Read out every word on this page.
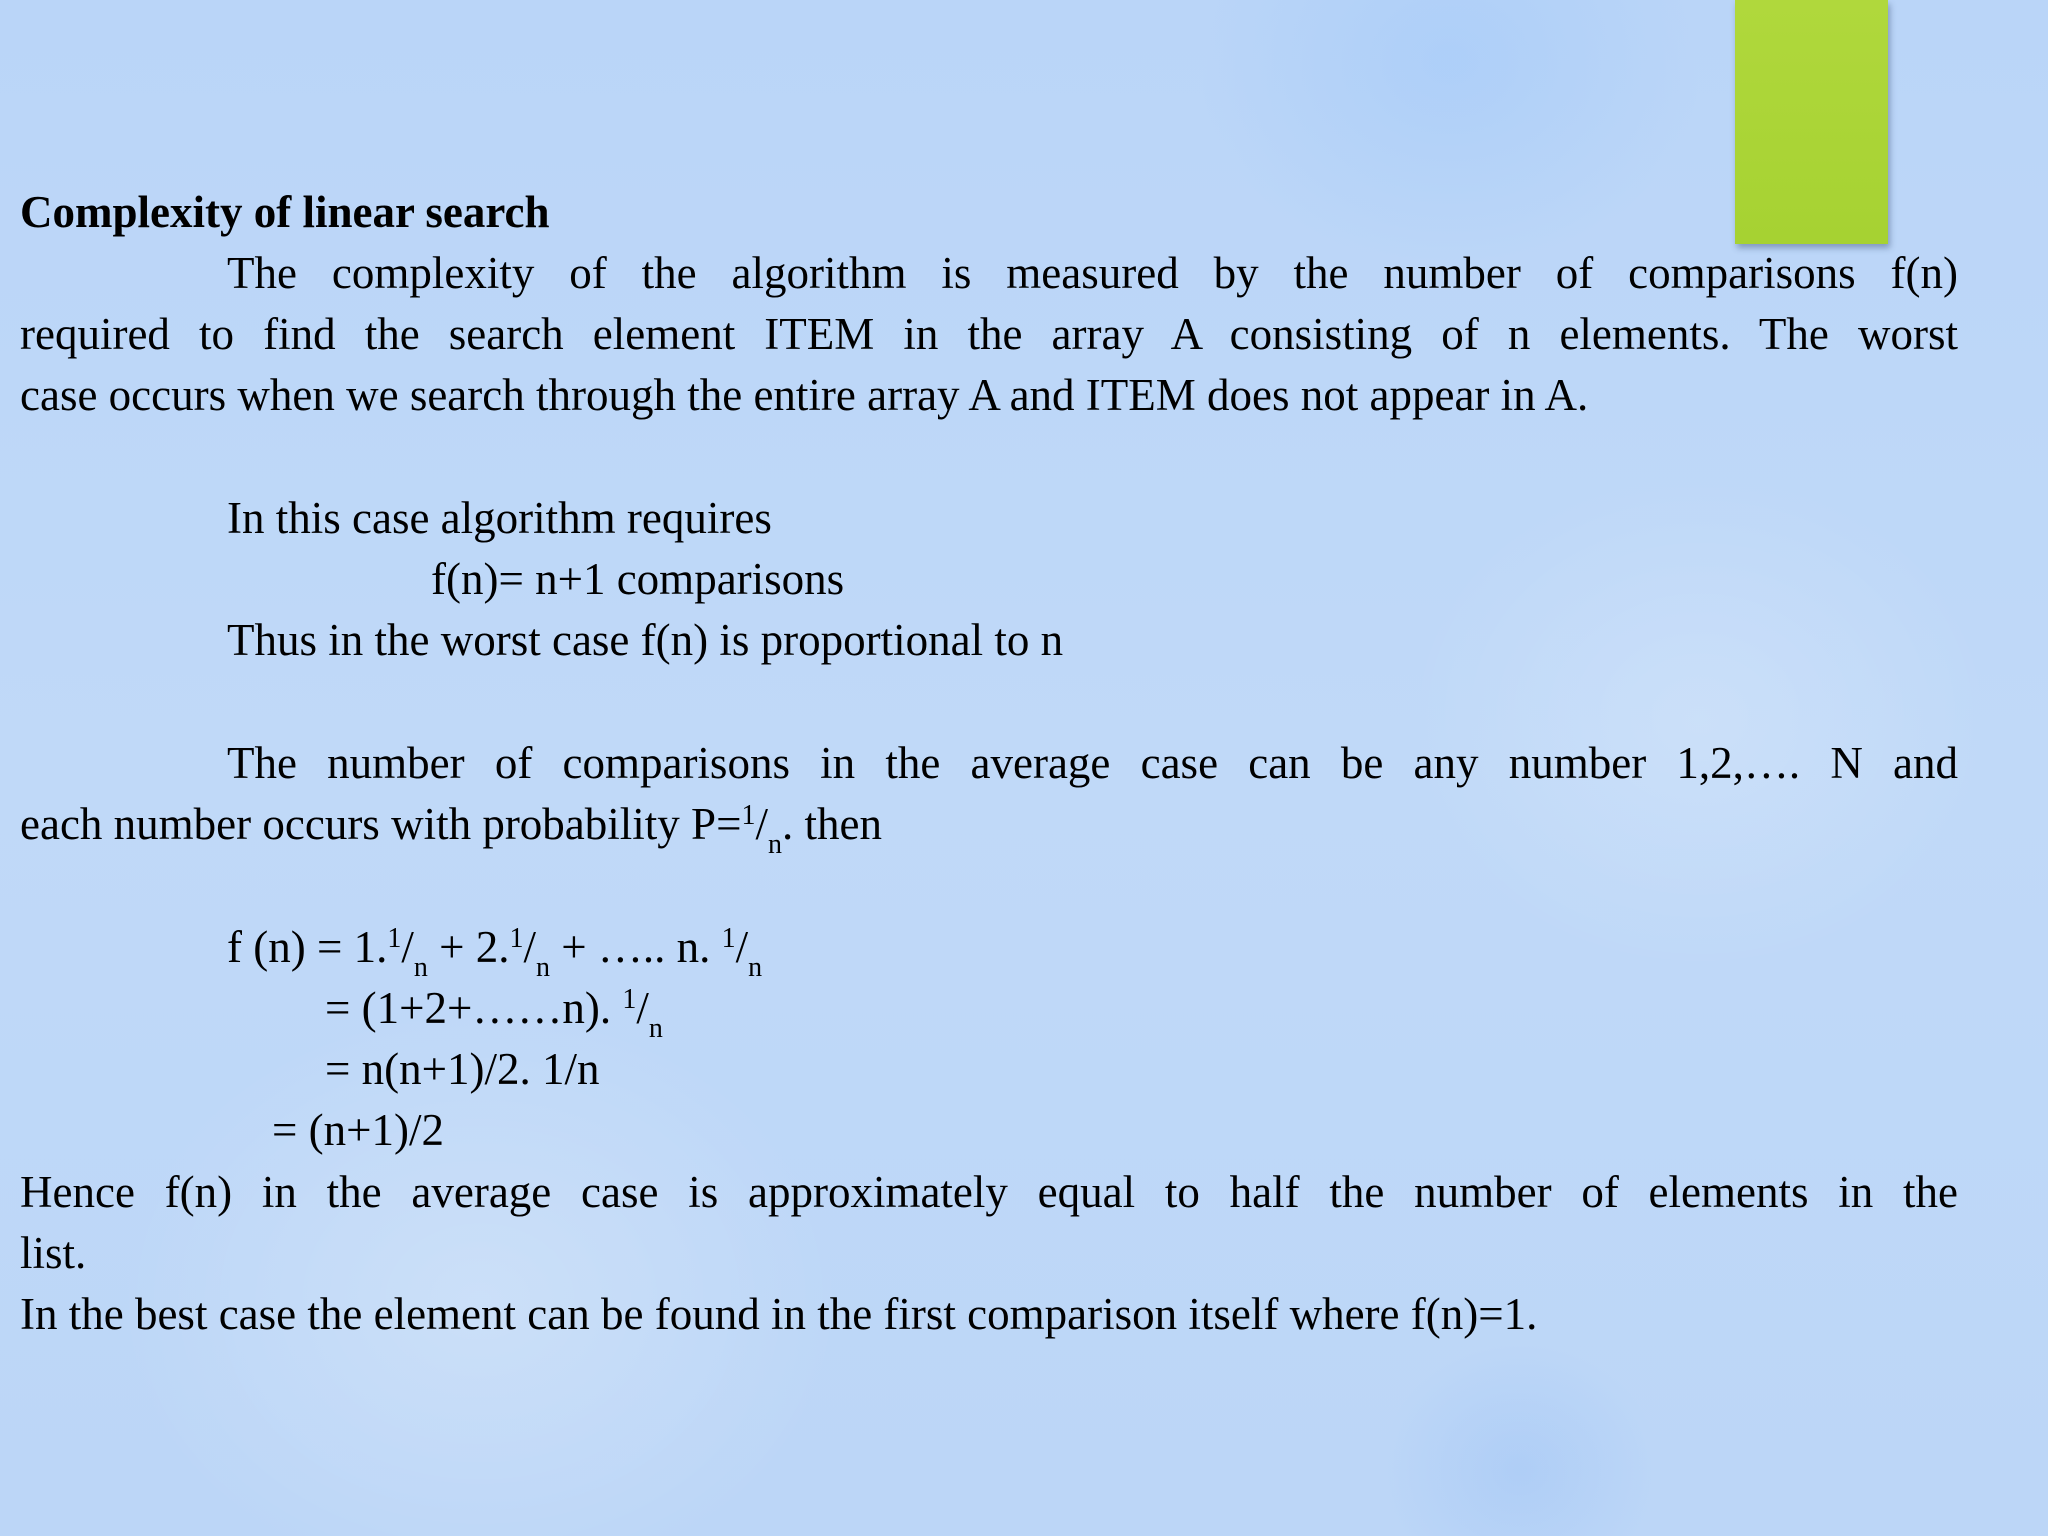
Complexity of linear search
The complexity of the algorithm is measured by the number of comparisons f(n)
required to find the search element ITEM in the array A consisting of n elements. The worst
case occurs when we search through the entire array A and ITEM does not appear in A.
In this case algorithm requires
f(n)= n+1 comparisons
Thus in the worst case f(n) is proportional to n
The number of comparisons in the average case can be any number 1,2,…. N and
each number occurs with probability $P=^1/_n$. then
f $(n) = 1.^1/_n + 2.^1/_n$ + ….. n. $^1/_n$
= (1+2+……n). $^1/_n$
= n(n+1)/2. 1/n
= (n+1)/2
Hence f(n) in the average case is approximately equal to half the number of elements in the
list.
In the best case the element can be found in the first comparison itself where f(n)=1.
